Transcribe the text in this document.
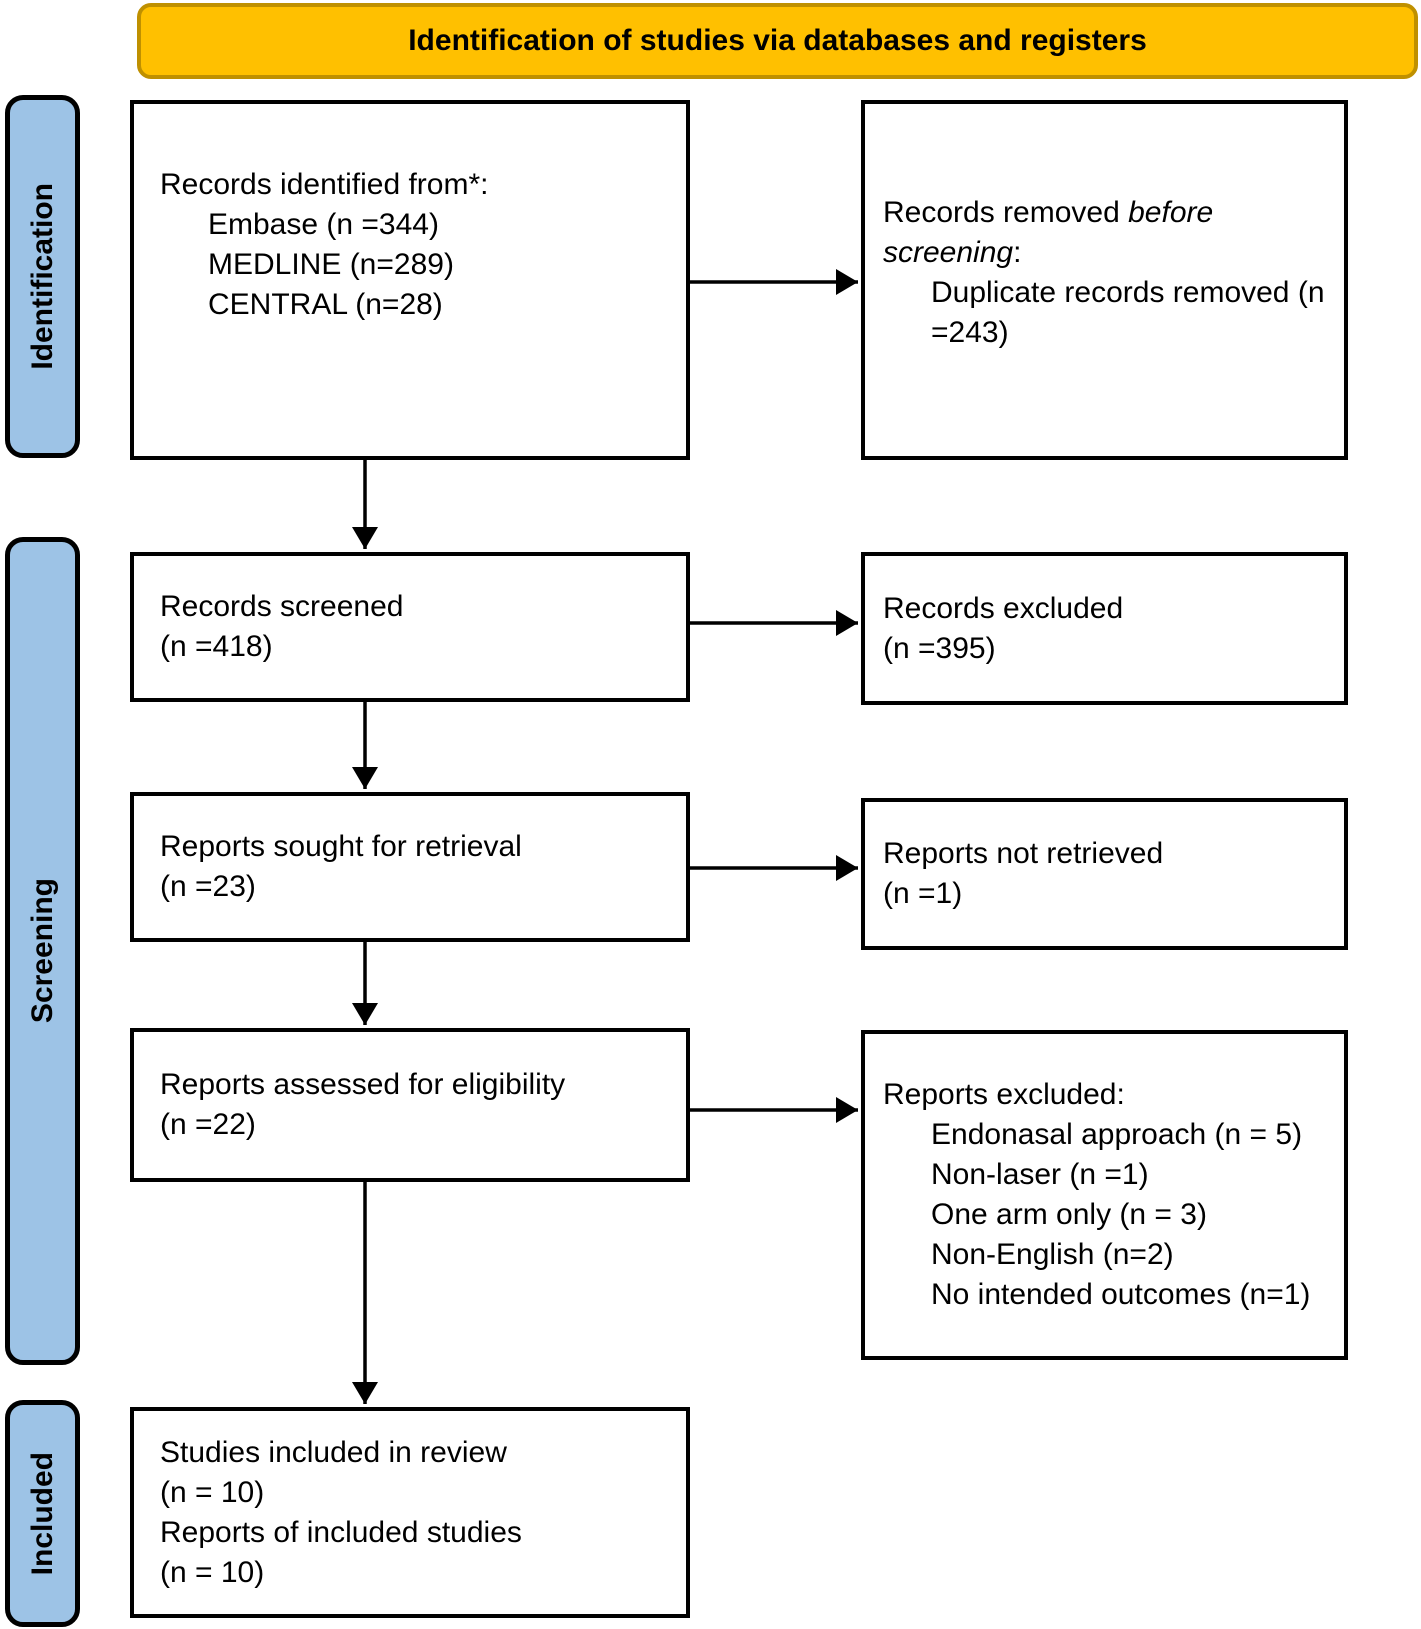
Identification of studies via databases and registers
Identification
Screening
Included
Records identified from*:
Embase (n =344)
MEDLINE (n=289)
CENTRAL (n=28)
Records removed before screening:
Duplicate records removed (n =243)
Records screened
(n =418)
Records excluded
(n =395)
Reports sought for retrieval
(n =23)
Reports not retrieved
(n =1)
Reports assessed for eligibility
(n =22)
Reports excluded:
Endonasal approach (n = 5)
Non-laser (n =1)
One arm only (n = 3)
Non-English (n=2)
No intended outcomes (n=1)
Studies included in review
(n = 10)
Reports of included studies
(n = 10)
